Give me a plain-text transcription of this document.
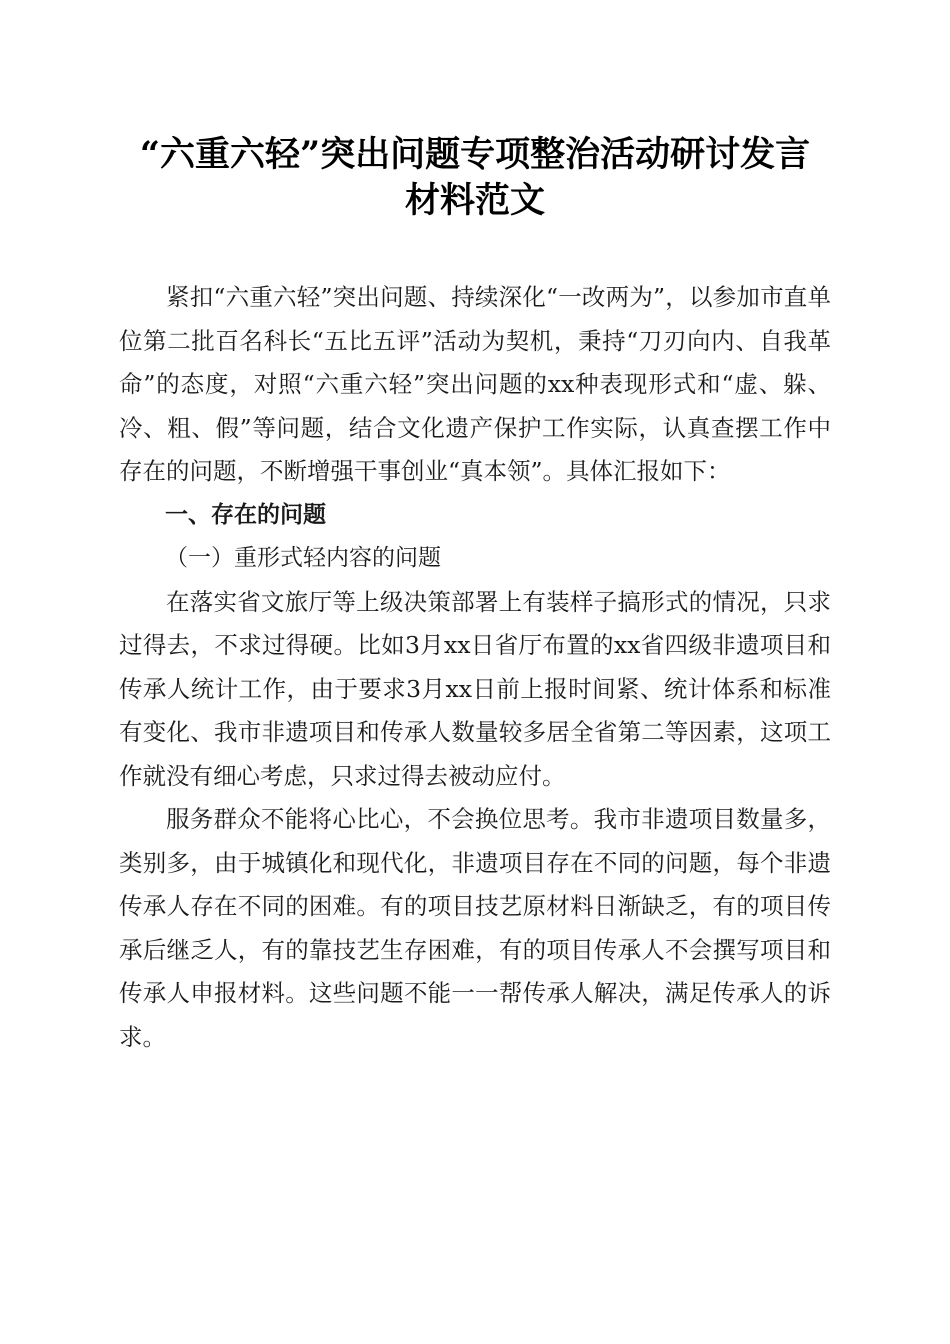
“六重六轻”突出问题专项整治活动研讨发言
材料范文

紧扣“六重六轻”突出问题、持续深化“一改两为”，以参加市直单位第二批百名科长“五比五评”活动为契机，秉持“刀刃向内、自我革命”的态度，对照“六重六轻”突出问题的xx种表现形式和“虚、躲、冷、粗、假”等问题，结合文化遗产保护工作实际，认真查摆工作中存在的问题，不断增强干事创业“真本领”。具体汇报如下：

一、存在的问题

（一）重形式轻内容的问题

在落实省文旅厅等上级决策部署上有装样子搞形式的情况，只求过得去，不求过得硬。比如3月xx日省厅布置的xx省四级非遗项目和传承人统计工作，由于要求3月xx日前上报时间紧、统计体系和标准有变化、我市非遗项目和传承人数量较多居全省第二等因素，这项工作就没有细心考虑，只求过得去被动应付。

服务群众不能将心比心，不会换位思考。我市非遗项目数量多，类别多，由于城镇化和现代化，非遗项目存在不同的问题，每个非遗传承人存在不同的困难。有的项目技艺原材料日渐缺乏，有的项目传承后继乏人，有的靠技艺生存困难，有的项目传承人不会撰写项目和传承人申报材料。这些问题不能一一帮传承人解决，满足传承人的诉求。
